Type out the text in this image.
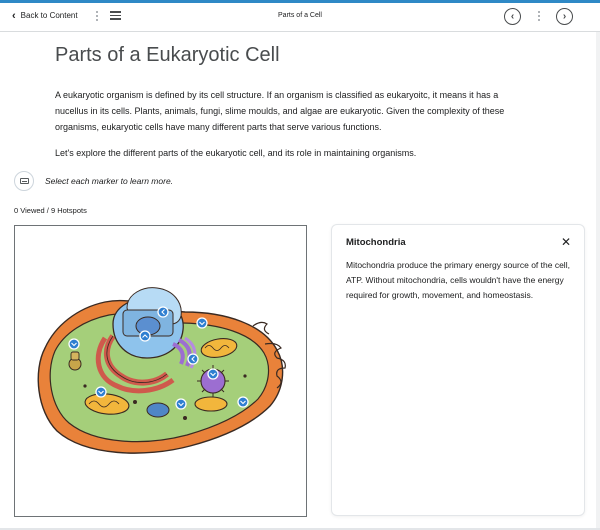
‹ Back to Content	Parts of a Cell	‹	›
Parts of a Eukaryotic Cell

A eukaryotic organism is defined by its cell structure. If an organism is classified as eukaryoitc, it means it has a nucellus in its cells. Plants, animals, fungi, slime moulds, and algae are eukaryotic. Given the complexity of these organisms, eukaryotic cells have many different parts that serve various functions.

Let's explore the different parts of the eukaryotic cell, and its role in maintaining organisms.

Select each marker to learn more.
0 Viewed / 9 Hotspots
Mitochondria	✕

Mitochondria produce the primary energy source of the cell, ATP. Without mitochondria, cells wouldn't have the energy required for growth, movement, and homeostasis.
